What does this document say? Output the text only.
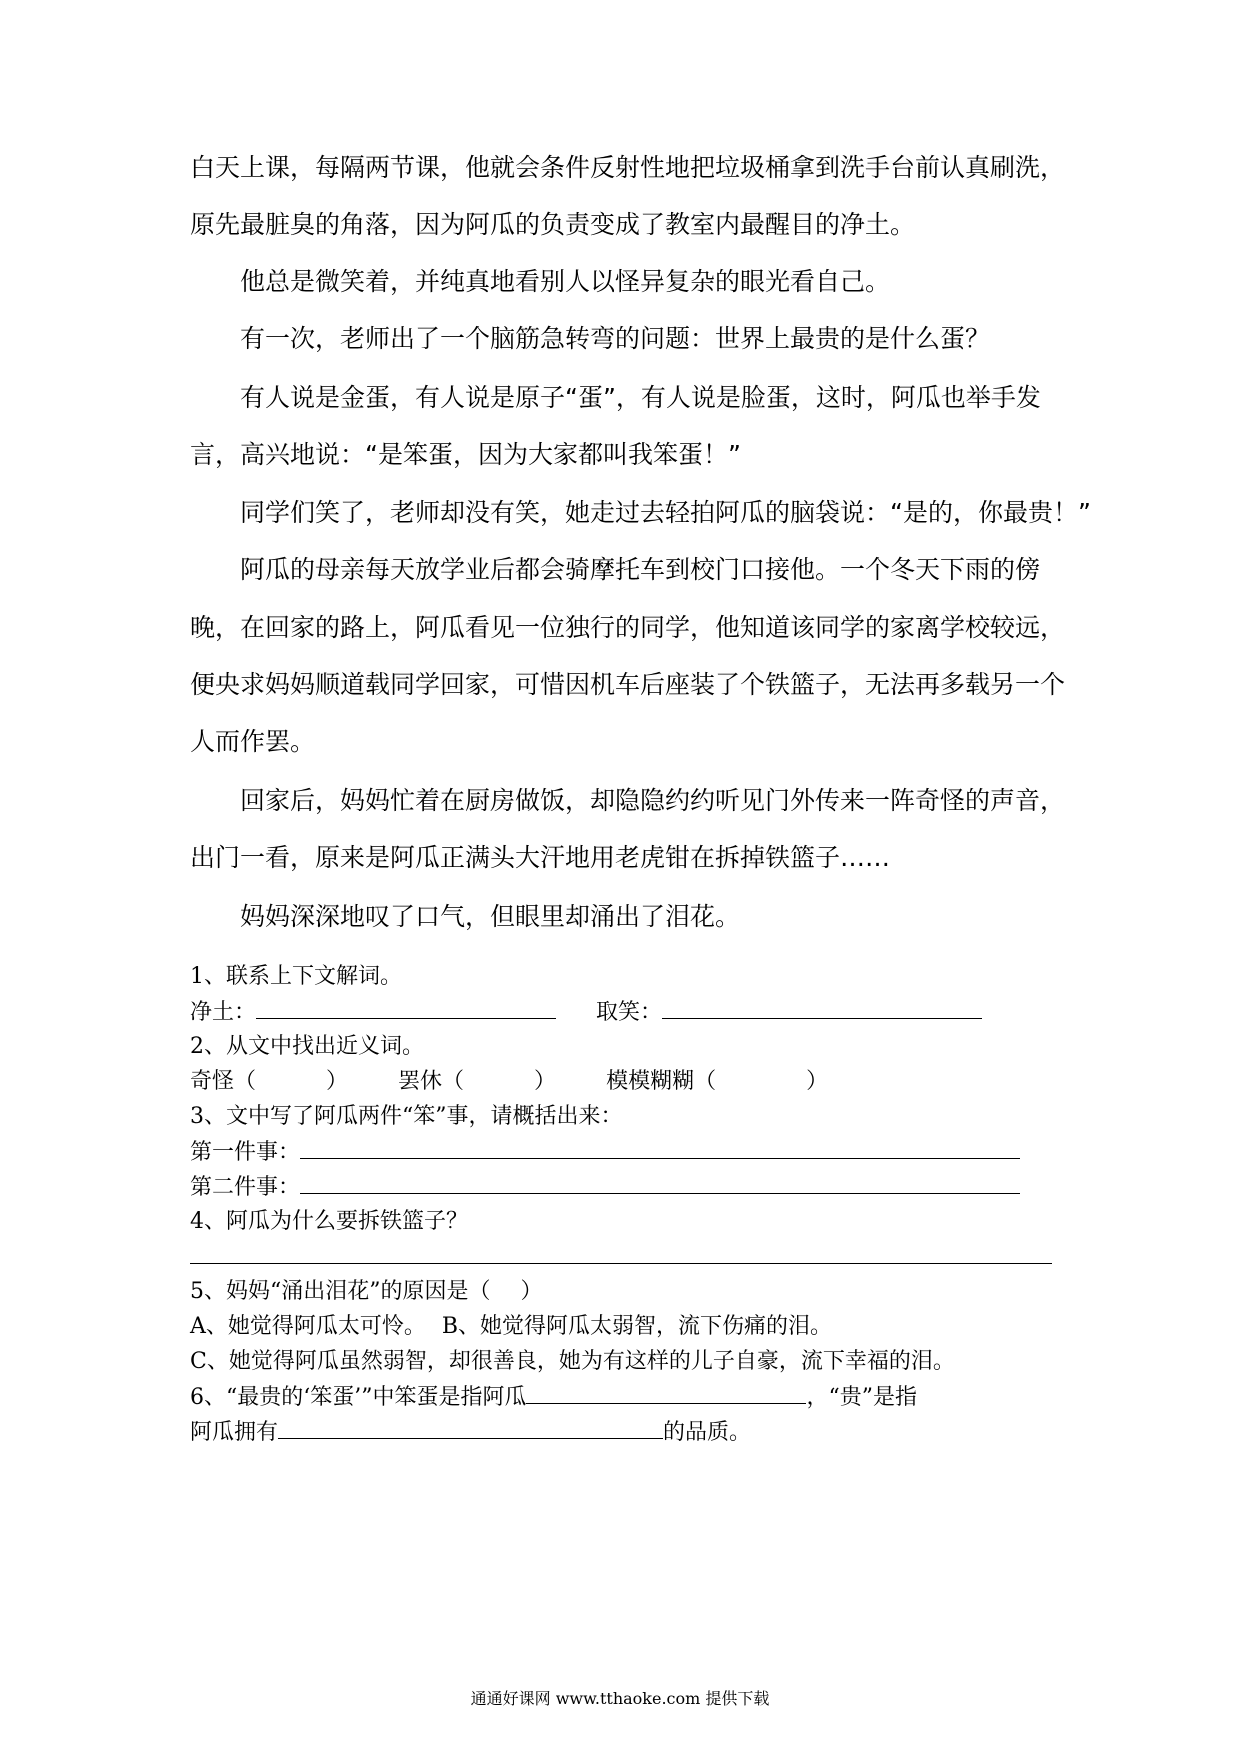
白天上课，每隔两节课，他就会条件反射性地把垃圾桶拿到洗手台前认真刷洗，

原先最脏臭的角落，因为阿瓜的负责变成了教室内最醒目的净土。

他总是微笑着，并纯真地看别人以怪异复杂的眼光看自己。

有一次，老师出了一个脑筋急转弯的问题：世界上最贵的是什么蛋？

有人说是金蛋，有人说是原子“蛋”，有人说是脸蛋，这时，阿瓜也举手发

言，高兴地说：“是笨蛋，因为大家都叫我笨蛋！”

同学们笑了，老师却没有笑，她走过去轻拍阿瓜的脑袋说：“是的，你最贵！”

阿瓜的母亲每天放学业后都会骑摩托车到校门口接他。一个冬天下雨的傍

晚，在回家的路上，阿瓜看见一位独行的同学，他知道该同学的家离学校较远，

便央求妈妈顺道载同学回家，可惜因机车后座装了个铁篮子，无法再多载另一个

人而作罢。

回家后，妈妈忙着在厨房做饭，却隐隐约约听见门外传来一阵奇怪的声音，

出门一看，原来是阿瓜正满头大汗地用老虎钳在拆掉铁篮子……

妈妈深深地叹了口气，但眼里却涌出了泪花。

1、联系上下文解词。
净土：	取笑：
2、从文中找出近义词。
奇怪（	） 罢休（	） 模模糊糊（	）
3、文中写了阿瓜两件“笨”事，请概括出来：
第一件事：
第二件事：
4、阿瓜为什么要拆铁篮子？
5、妈妈“涌出泪花”的原因是（ ）
A、她觉得阿瓜太可怜。 B、她觉得阿瓜太弱智，流下伤痛的泪。
C、她觉得阿瓜虽然弱智，却很善良，她为有这样的儿子自豪，流下幸福的泪。
6、“最贵的‘笨蛋’”中笨蛋是指阿瓜	，“贵”是指
阿瓜拥有	的品质。
通通好课网 www.tthaoke.com 提供下载
